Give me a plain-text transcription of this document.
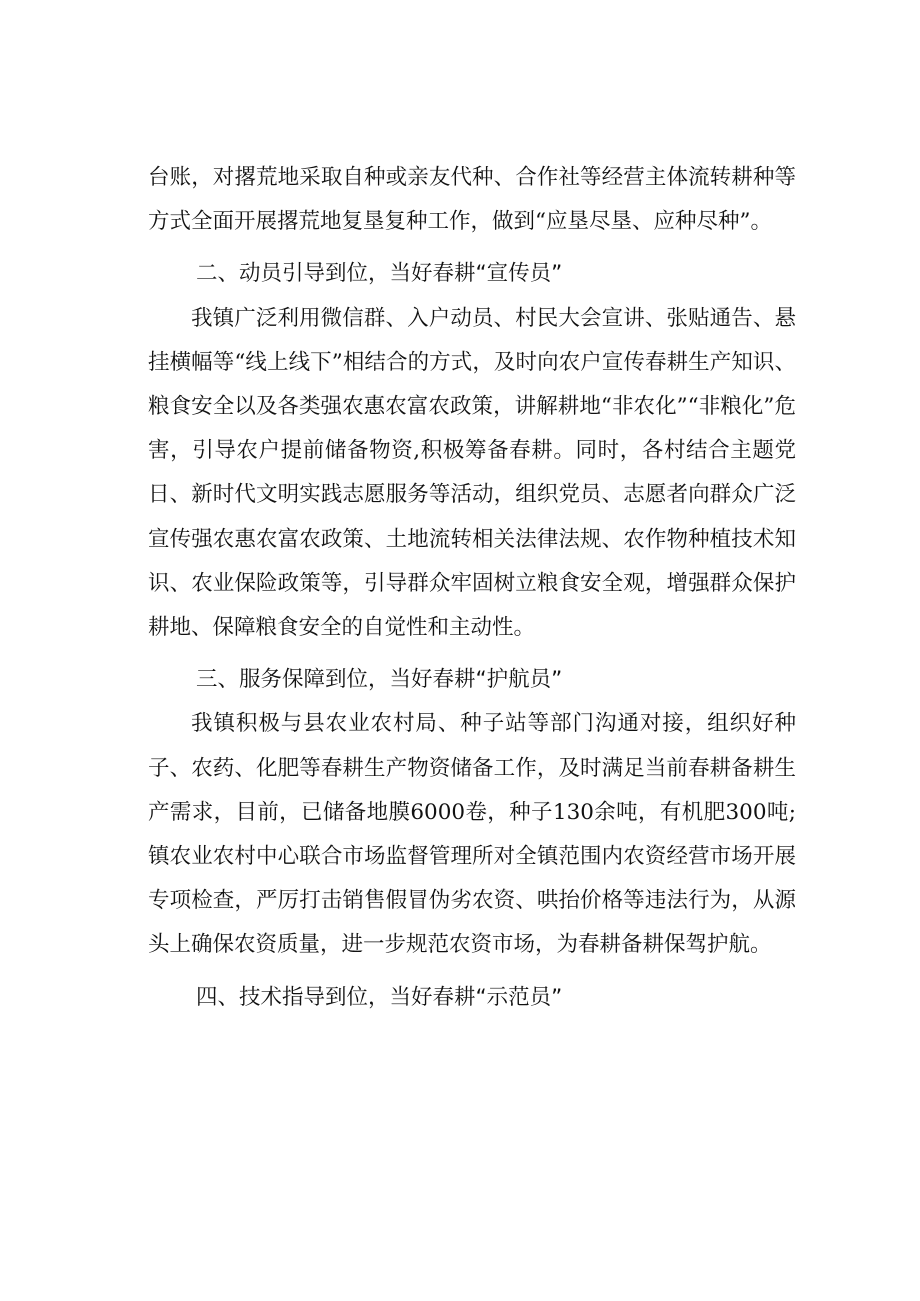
台账，对撂荒地采取自种或亲友代种、合作社等经营主体流转耕种等方式全面开展撂荒地复垦复种工作，做到“应垦尽垦、应种尽种”。

二、动员引导到位，当好春耕“宣传员”

我镇广泛利用微信群、入户动员、村民大会宣讲、张贴通告、悬挂横幅等“线上线下”相结合的方式，及时向农户宣传春耕生产知识、粮食安全以及各类强农惠农富农政策，讲解耕地“非农化”“非粮化”危害，引导农户提前储备物资,积极筹备春耕。同时，各村结合主题党日、新时代文明实践志愿服务等活动，组织党员、志愿者向群众广泛宣传强农惠农富农政策、土地流转相关法律法规、农作物种植技术知识、农业保险政策等，引导群众牢固树立粮食安全观，增强群众保护耕地、保障粮食安全的自觉性和主动性。

三、服务保障到位，当好春耕“护航员”

我镇积极与县农业农村局、种子站等部门沟通对接，组织好种子、农药、化肥等春耕生产物资储备工作，及时满足当前春耕备耕生产需求，目前，已储备地膜6000卷，种子130余吨，有机肥300吨;镇农业农村中心联合市场监督管理所对全镇范围内农资经营市场开展专项检查，严厉打击销售假冒伪劣农资、哄抬价格等违法行为，从源头上确保农资质量，进一步规范农资市场，为春耕备耕保驾护航。

四、技术指导到位，当好春耕“示范员”
